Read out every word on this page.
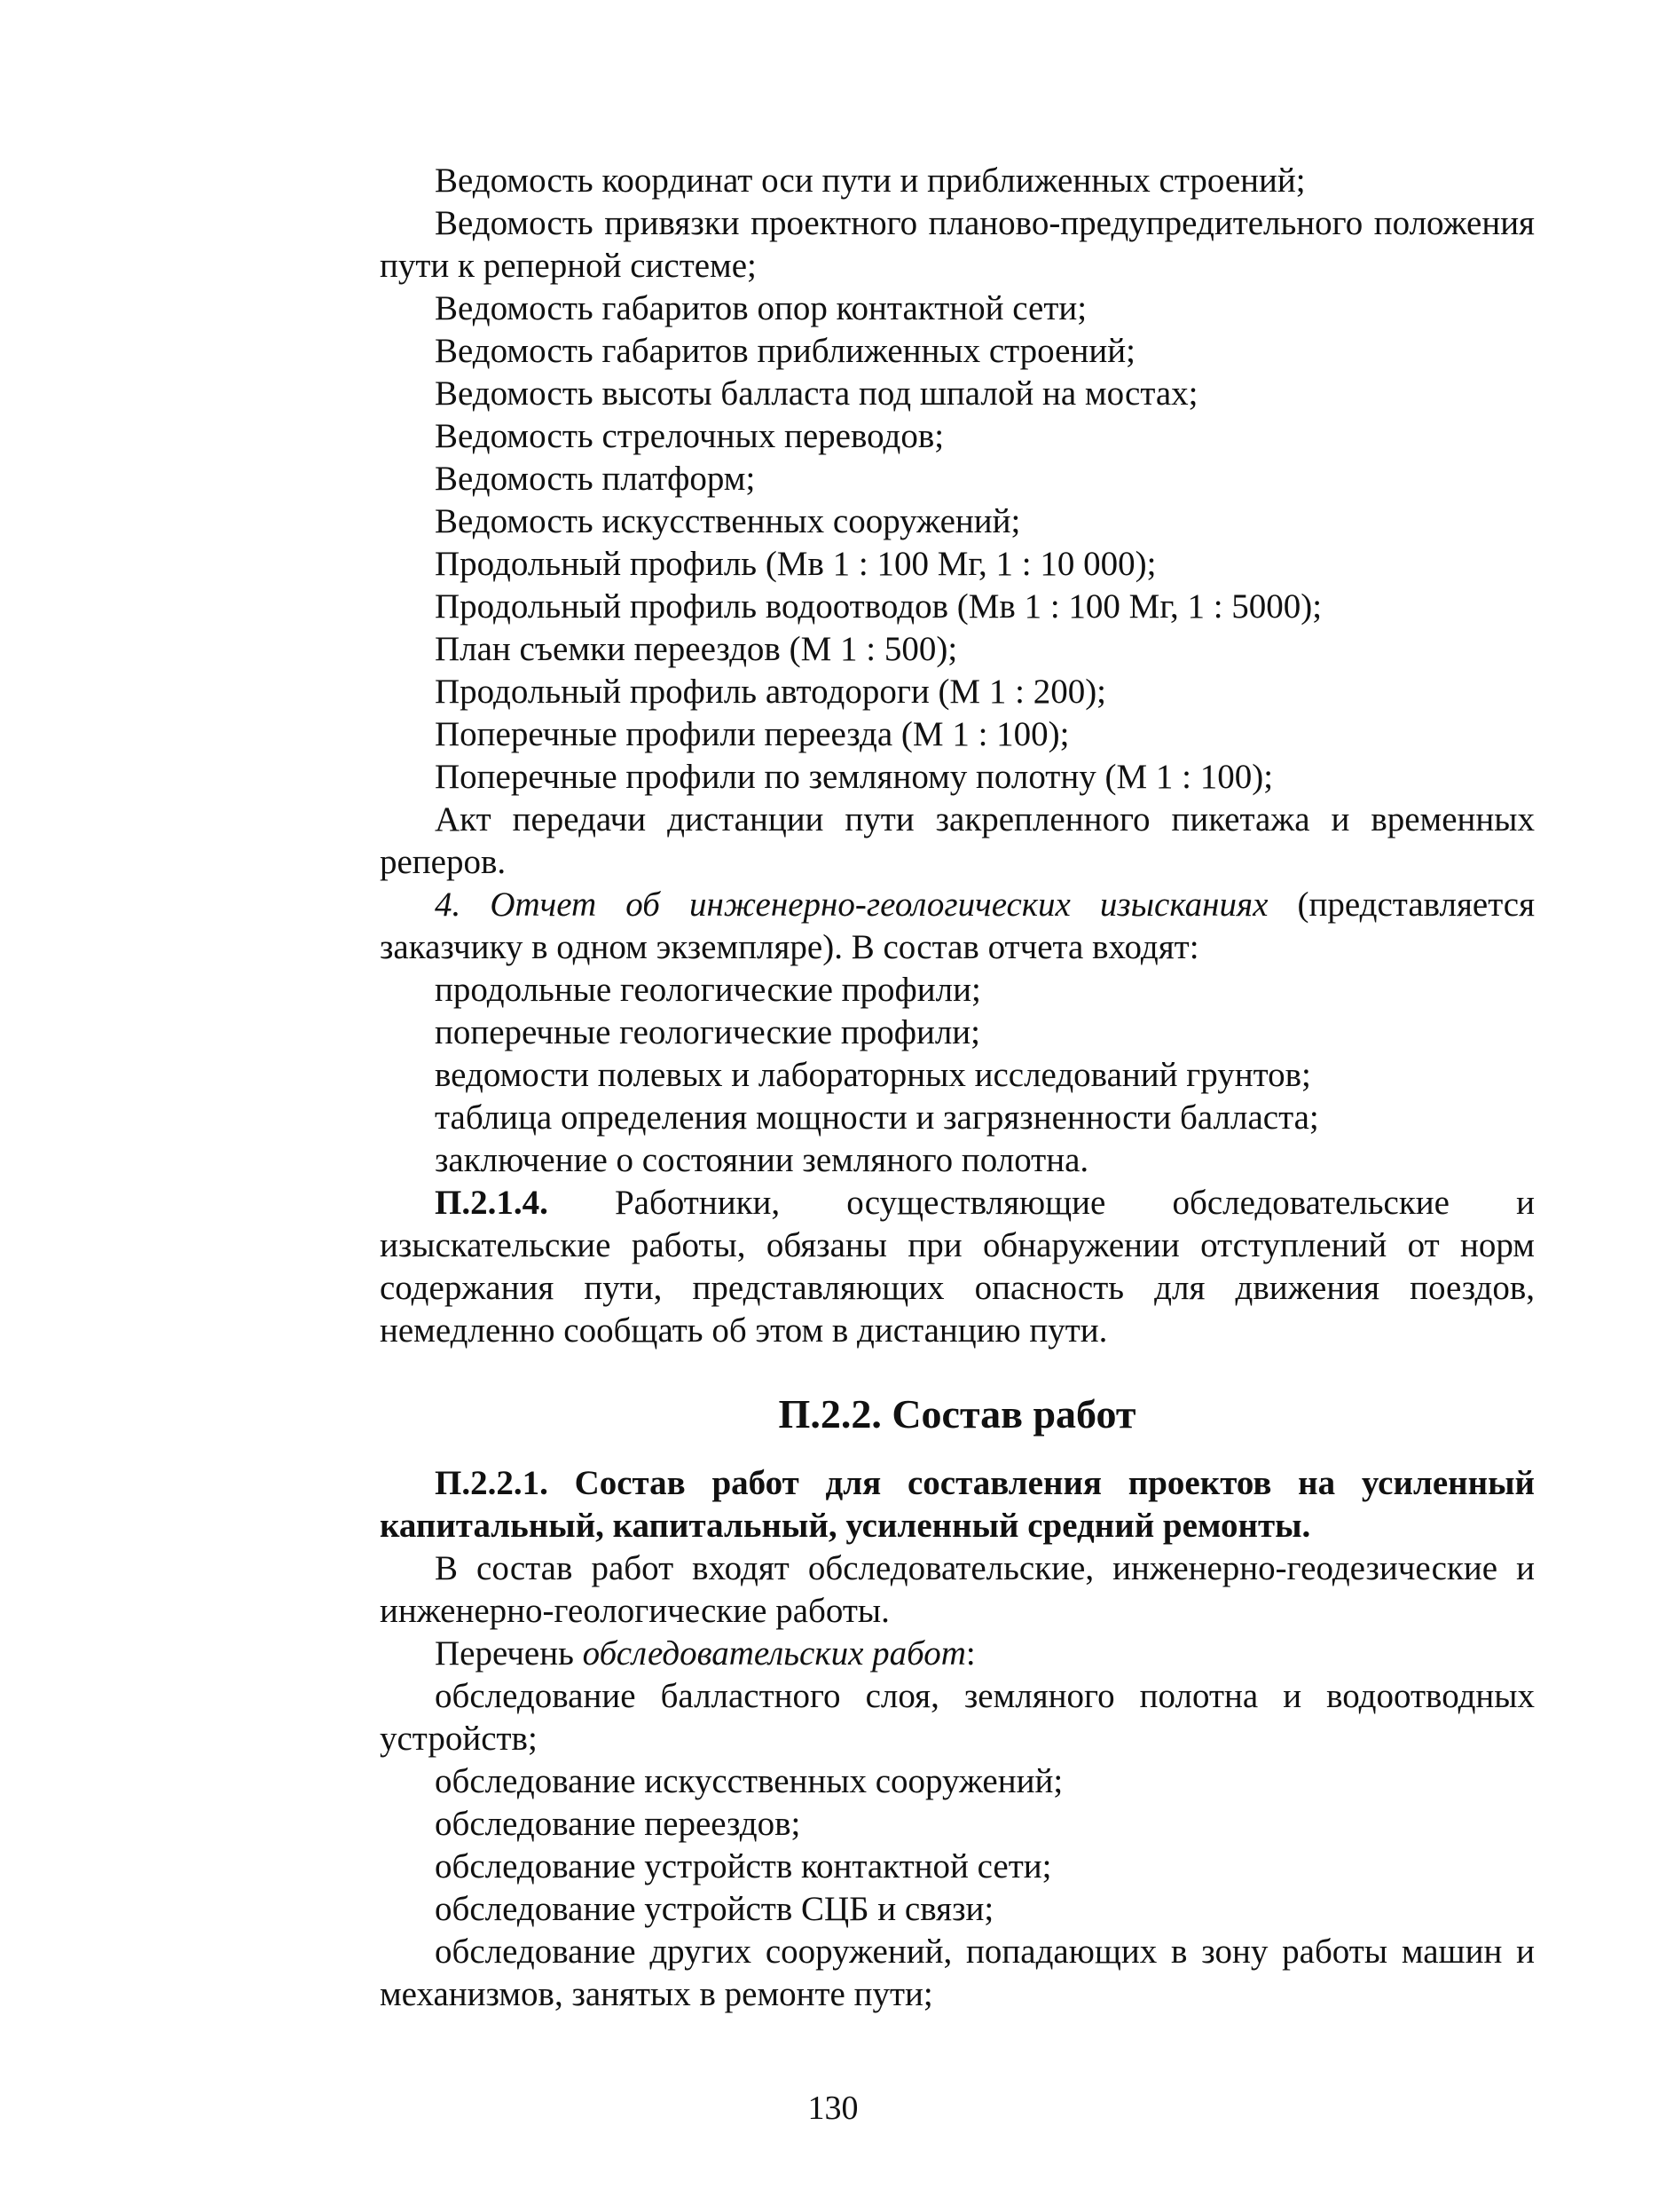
Ведомость координат оси пути и приближенных строений;

Ведомость привязки проектного планово-предупредительного положения пути к реперной системе;

Ведомость габаритов опор контактной сети;

Ведомость габаритов приближенных строений;

Ведомость высоты балласта под шпалой на мостах;

Ведомость стрелочных переводов;

Ведомость платформ;

Ведомость искусственных сооружений;

Продольный профиль (Мв 1 : 100 Мг, 1 : 10 000);

Продольный профиль водоотводов (Мв 1 : 100 Мг, 1 : 5000);

План съемки переездов (М 1 : 500);

Продольный профиль автодороги (М 1 : 200);

Поперечные профили переезда (М 1 : 100);

Поперечные профили по земляному полотну (М 1 : 100);

Акт передачи дистанции пути закрепленного пикетажа и временных реперов.

4. Отчет об инженерно-геологических изысканиях (представляется заказчику в одном экземпляре). В состав отчета входят:

продольные геологические профили;

поперечные геологические профили;

ведомости полевых и лабораторных исследований грунтов;

таблица определения мощности и загрязненности балласта;

заключение о состоянии земляного полотна.

П.2.1.4. Работники, осуществляющие обследовательские и изыскательские работы, обязаны при обнаружении отступлений от норм содержания пути, представляющих опасность для движения поездов, немедленно сообщать об этом в дистанцию пути.

П.2.2. Состав работ

П.2.2.1. Состав работ для составления проектов на усиленный капитальный, капитальный, усиленный средний ремонты.

В состав работ входят обследовательские, инженерно-геодезические и инженерно-геологические работы.

Перечень обследовательских работ:

обследование балластного слоя, земляного полотна и водоотводных устройств;

обследование искусственных сооружений;

обследование переездов;

обследование устройств контактной сети;

обследование устройств СЦБ и связи;

обследование других сооружений, попадающих в зону работы машин и механизмов, занятых в ремонте пути;

130
